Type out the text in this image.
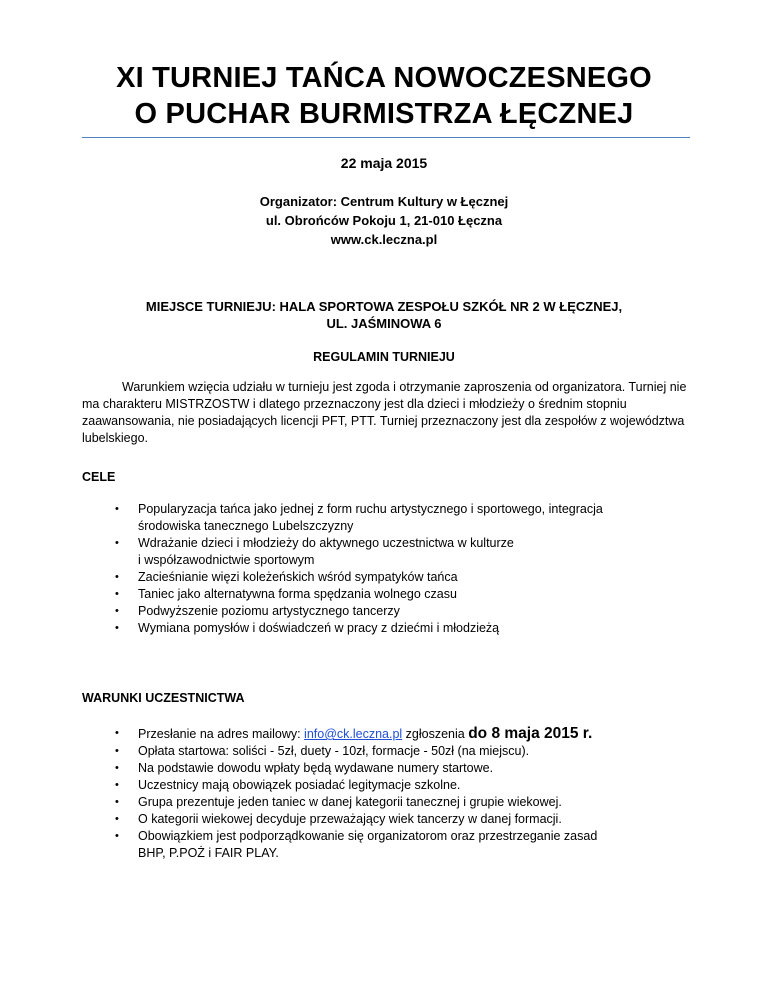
XI TURNIEJ TAŃCA NOWOCZESNEGO
O PUCHAR BURMISTRZA ŁĘCZNEJ
22 maja 2015
Organizator: Centrum Kultury w Łęcznej
ul. Obrońców Pokoju 1, 21-010 Łęczna
www.ck.leczna.pl
MIEJSCE TURNIEJU: HALA SPORTOWA ZESPOŁU SZKÓŁ NR 2 W ŁĘCZNEJ,
UL. JAŚMINOWA 6
REGULAMIN TURNIEJU

Warunkiem wzięcia udziału w turnieju jest zgoda i otrzymanie zaproszenia od organizatora. Turniej nie ma charakteru MISTRZOSTW i dlatego przeznaczony jest dla dzieci i młodzieży o średnim stopniu zaawansowania, nie posiadających licencji PFT, PTT. Turniej przeznaczony jest dla zespołów z województwa lubelskiego.

CELE
• Popularyzacja tańca jako jednej z form ruchu artystycznego i sportowego, integracja
środowiska tanecznego Lubelszczyzny
• Wdrażanie dzieci i młodzieży do aktywnego uczestnictwa w kulturze
i współzawodnictwie sportowym
• Zacieśnianie więzi koleżeńskich wśród sympatyków tańca
• Taniec jako alternatywna forma spędzania wolnego czasu
• Podwyższenie poziomu artystycznego tancerzy
• Wymiana pomysłów i doświadczeń w pracy z dziećmi i młodzieżą
WARUNKI UCZESTNICTWA
• Przesłanie na adres mailowy: info@ck.leczna.pl zgłoszenia do 8 maja 2015 r.
• Opłata startowa: soliści - 5zł, duety - 10zł, formacje - 50zł (na miejscu).
• Na podstawie dowodu wpłaty będą wydawane numery startowe.
• Uczestnicy mają obowiązek posiadać legitymacje szkolne.
• Grupa prezentuje jeden taniec w danej kategorii tanecznej i grupie wiekowej.
• O kategorii wiekowej decyduje przeważający wiek tancerzy w danej formacji.
• Obowiązkiem jest podporządkowanie się organizatorom oraz przestrzeganie zasad
BHP, P.POŻ i FAIR PLAY.
